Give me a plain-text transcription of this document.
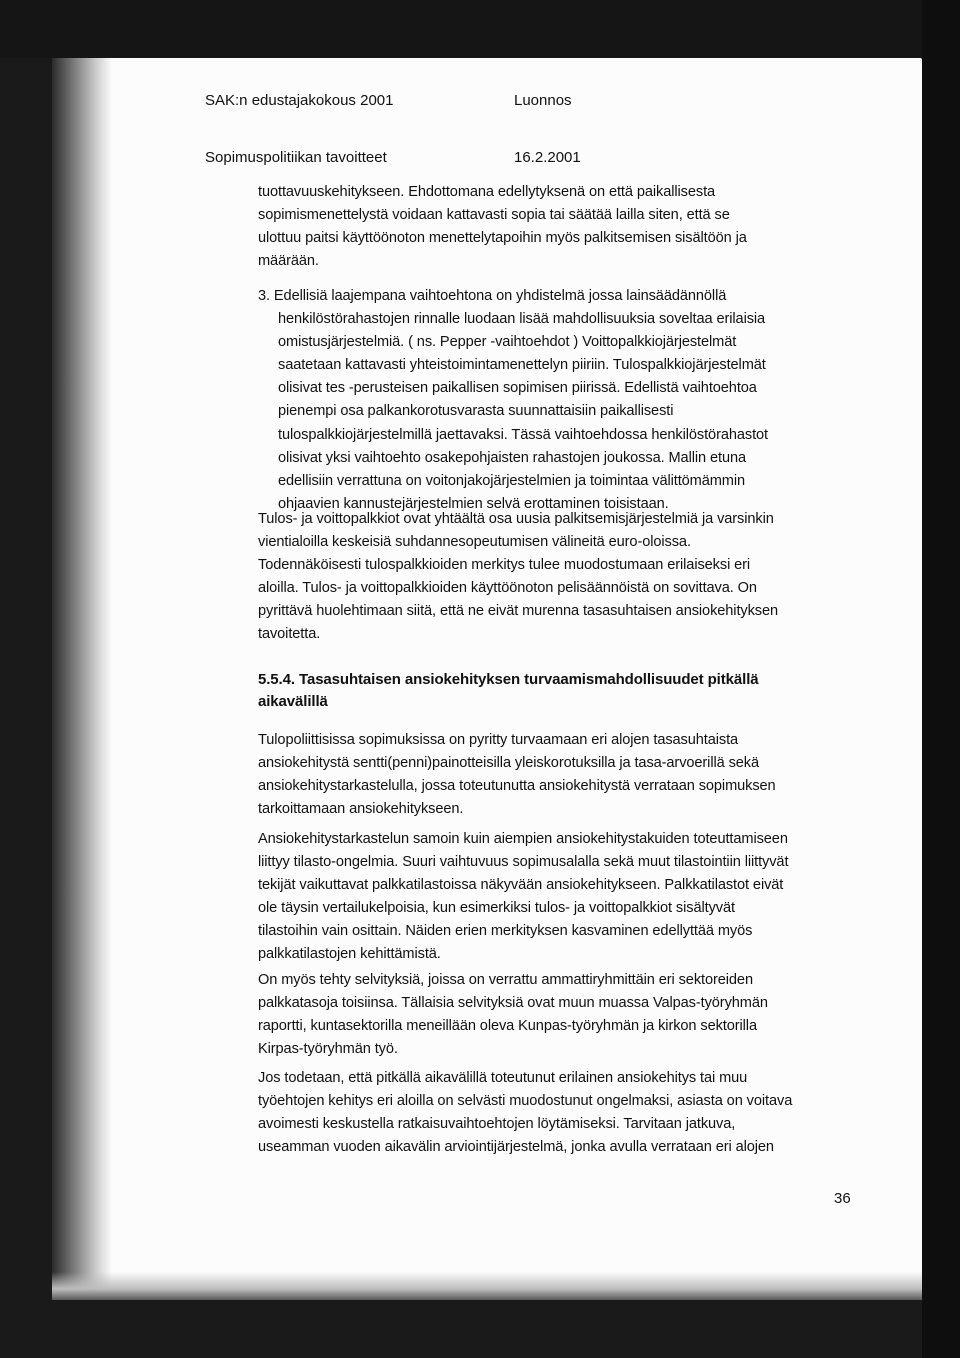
SAK:n edustajakokous 2001	Luonnos
Sopimuspolitiikan tavoitteet	16.2.2001
tuottavuuskehitykseen. Ehdottomana edellytyksenä on että paikallisesta
sopimismenettelystä voidaan kattavasti sopia tai säätää lailla siten, että se
ulottuu paitsi käyttöönoton menettelytapoihin myös palkitsemisen sisältöön ja
määrään.
3. Edellisiä laajempana vaihtoehtona on yhdistelmä jossa lainsäädännöllä
henkilöstörahastojen rinnalle luodaan lisää mahdollisuuksia soveltaa erilaisia
omistusjärjestelmiä. ( ns. Pepper -vaihtoehdot ) Voittopalkkiojärjestelmät
saatetaan kattavasti yhteistoimintamenettelyn piiriin. Tulospalkkiojärjestelmät
olisivat tes -perusteisen paikallisen sopimisen piirissä. Edellistä vaihtoehtoa
pienempi osa palkankorotusvarasta suunnattaisiin paikallisesti
tulospalkkiojärjestelmillä jaettavaksi. Tässä vaihtoehdossa henkilöstörahastot
olisivat yksi vaihtoehto osakepohjaisten rahastojen joukossa. Mallin etuna
edellisiin verrattuna on voitonjakojärjestelmien ja toimintaa välittömämmin
ohjaavien kannustejärjestelmien selvä erottaminen toisistaan.
Tulos- ja voittopalkkiot ovat yhtäältä osa uusia palkitsemisjärjestelmiä ja varsinkin
vientialoilla keskeisiä suhdannesopeutumisen välineitä euro-oloissa.
Todennäköisesti tulospalkkioiden merkitys tulee muodostumaan erilaiseksi eri
aloilla. Tulos- ja voittopalkkioiden käyttöönoton pelisäännöistä on sovittava. On
pyrittävä huolehtimaan siitä, että ne eivät murenna tasasuhtaisen ansiokehityksen
tavoitetta.
5.5.4. Tasasuhtaisen ansiokehityksen turvaamismahdollisuudet pitkällä
aikavälillä
Tulopoliittisissa sopimuksissa on pyritty turvaamaan eri alojen tasasuhtaista
ansiokehitystä sentti(penni)painotteisilla yleiskorotuksilla ja tasa-arvoerillä sekä
ansiokehitystarkastelulla, jossa toteutunutta ansiokehitystä verrataan sopimuksen
tarkoittamaan ansiokehitykseen.
Ansiokehitystarkastelun samoin kuin aiempien ansiokehitystakuiden toteuttamiseen
liittyy tilasto-ongelmia. Suuri vaihtuvuus sopimusalalla sekä muut tilastointiin liittyvät
tekijät vaikuttavat palkkatilastoissa näkyvään ansiokehitykseen. Palkkatilastot eivät
ole täysin vertailukelpoisia, kun esimerkiksi tulos- ja voittopalkkiot sisältyvät
tilastoihin vain osittain. Näiden erien merkityksen kasvaminen edellyttää myös
palkkatilastojen kehittämistä.
On myös tehty selvityksiä, joissa on verrattu ammattiryhmittäin eri sektoreiden
palkkatasoja toisiinsa. Tällaisia selvityksiä ovat muun muassa Valpas-työryhmän
raportti, kuntasektorilla meneillään oleva Kunpas-työryhmän ja kirkon sektorilla
Kirpas-työryhmän työ.
Jos todetaan, että pitkällä aikavälillä toteutunut erilainen ansiokehitys tai muu
työehtojen kehitys eri aloilla on selvästi muodostunut ongelmaksi, asiasta on voitava
avoimesti keskustella ratkaisuvaihtoehtojen löytämiseksi. Tarvitaan jatkuva,
useamman vuoden aikavälin arviointijärjestelmä, jonka avulla verrataan eri alojen
36
